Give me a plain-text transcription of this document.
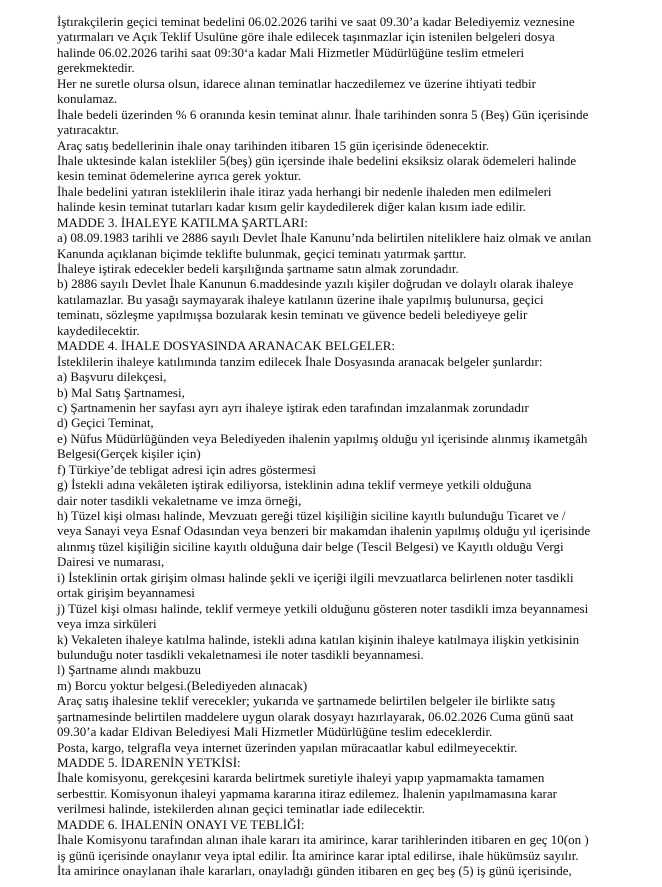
İştırakçilerin geçici teminat bedelini 06.02.2026 tarihi ve saat 09.30’a kadar Belediyemiz veznesine
yatırmaları ve Açık Teklif Usulüne göre ihale edilecek taşınmazlar için istenilen belgeleri dosya
halinde 06.02.2026 tarihi saat 09:30‘a kadar Mali Hizmetler Müdürlüğüne teslim etmeleri
gerekmektedir.
Her ne suretle olursa olsun, idarece alınan teminatlar haczedilemez ve üzerine ihtiyati tedbir
konulamaz.
İhale bedeli üzerinden % 6 oranında kesin teminat alınır. İhale tarihinden sonra 5 (Beş) Gün içerisinde
yatıracaktır.
Araç satış bedellerinin ihale onay tarihinden itibaren 15 gün içerisinde ödenecektir.
İhale uktesinde kalan istekliler 5(beş) gün içersinde ihale bedelini eksiksiz olarak ödemeleri halinde
kesin teminat ödemelerine ayrıca gerek yoktur.
İhale bedelini yatıran isteklilerin ihale itiraz yada herhangi bir nedenle ihaleden men edilmeleri
halinde kesin teminat tutarları kadar kısım gelir kaydedilerek diğer kalan kısım iade edilir.
MADDE 3. İHALEYE KATILMA ŞARTLARI:
a) 08.09.1983 tarihli ve 2886 sayılı Devlet İhale Kanunu’nda belirtilen niteliklere haiz olmak ve anılan
Kanunda açıklanan biçimde teklifte bulunmak, geçici teminatı yatırmak şarttır.
İhaleye iştirak edecekler bedeli karşılığında şartname satın almak zorundadır.
b) 2886 sayılı Devlet İhale Kanunun 6.maddesinde yazılı kişiler doğrudan ve dolaylı olarak ihaleye
katılamazlar. Bu yasağı saymayarak ihaleye katılanın üzerine ihale yapılmış bulunursa, geçici
teminatı, sözleşme yapılmışsa bozularak kesin teminatı ve güvence bedeli belediyeye gelir
kaydedilecektir.
MADDE 4. İHALE DOSYASINDA ARANACAK BELGELER:
İsteklilerin ihaleye katılımında tanzim edilecek İhale Dosyasında aranacak belgeler şunlardır:
a) Başvuru dilekçesi,
b) Mal Satış Şartnamesi,
c) Şartnamenin her sayfası ayrı ayrı ihaleye iştirak eden tarafından imzalanmak zorundadır
d) Geçici Teminat,
e) Nüfus Müdürlüğünden veya Belediyeden ihalenin yapılmış olduğu yıl içerisinde alınmış ikametgâh
Belgesi(Gerçek kişiler için)
f) Türkiye’de tebligat adresi için adres göstermesi
g) İstekli adına vekâleten iştirak ediliyorsa, isteklinin adına teklif vermeye yetkili olduğuna
dair noter tasdikli vekaletname ve imza örneği,
h) Tüzel kişi olması halinde, Mevzuatı gereği tüzel kişiliğin siciline kayıtlı bulunduğu Ticaret ve /
veya Sanayi veya Esnaf Odasından veya benzeri bir makamdan ihalenin yapılmış olduğu yıl içerisinde
alınmış tüzel kişiliğin siciline kayıtlı olduğuna dair belge (Tescil Belgesi) ve Kayıtlı olduğu Vergi
Dairesi ve numarası,
i) İsteklinin ortak girişim olması halinde şekli ve içeriği ilgili mevzuatlarca belirlenen noter tasdikli
ortak girişim beyannamesi
j) Tüzel kişi olması halinde, teklif vermeye yetkili olduğunu gösteren noter tasdikli imza beyannamesi
veya imza sirküleri
k) Vekaleten ihaleye katılma halinde, istekli adına katılan kişinin ihaleye katılmaya ilişkin yetkisinin
bulunduğu noter tasdikli vekaletnamesi ile noter tasdikli beyannamesi.
l) Şartname alındı makbuzu
m) Borcu yoktur belgesi.(Belediyeden alınacak)
Araç satış ihalesine teklif verecekler; yukarıda ve şartnamede belirtilen belgeler ile birlikte satış
şartnamesinde belirtilen maddelere uygun olarak dosyayı hazırlayarak, 06.02.2026 Cuma günü saat
09.30’a kadar Eldivan Belediyesi Mali Hizmetler Müdürlüğüne teslim edeceklerdir.
Posta, kargo, telgrafla veya internet üzerinden yapılan müracaatlar kabul edilmeyecektir.
MADDE 5. İDARENİN YETKİSİ:
İhale komisyonu, gerekçesini kararda belirtmek suretiyle ihaleyi yapıp yapmamakta tamamen
serbesttir. Komisyonun ihaleyi yapmama kararına itiraz edilemez. İhalenin yapılmamasına karar
verilmesi halinde, istekilerden alınan geçici teminatlar iade edilecektir.
MADDE 6. İHALENİN ONAYI VE TEBLİĞİ:
İhale Komisyonu tarafından alınan ihale kararı ita amirince, karar tarihlerinden itibaren en geç 10(on )
iş günü içerisinde onaylanır veya iptal edilir. İta amirince karar iptal edilirse, ihale hükümsüz sayılır.
İta amirince onaylanan ihale kararları, onayladığı günden itibaren en geç beş (5) iş günü içerisinde,
